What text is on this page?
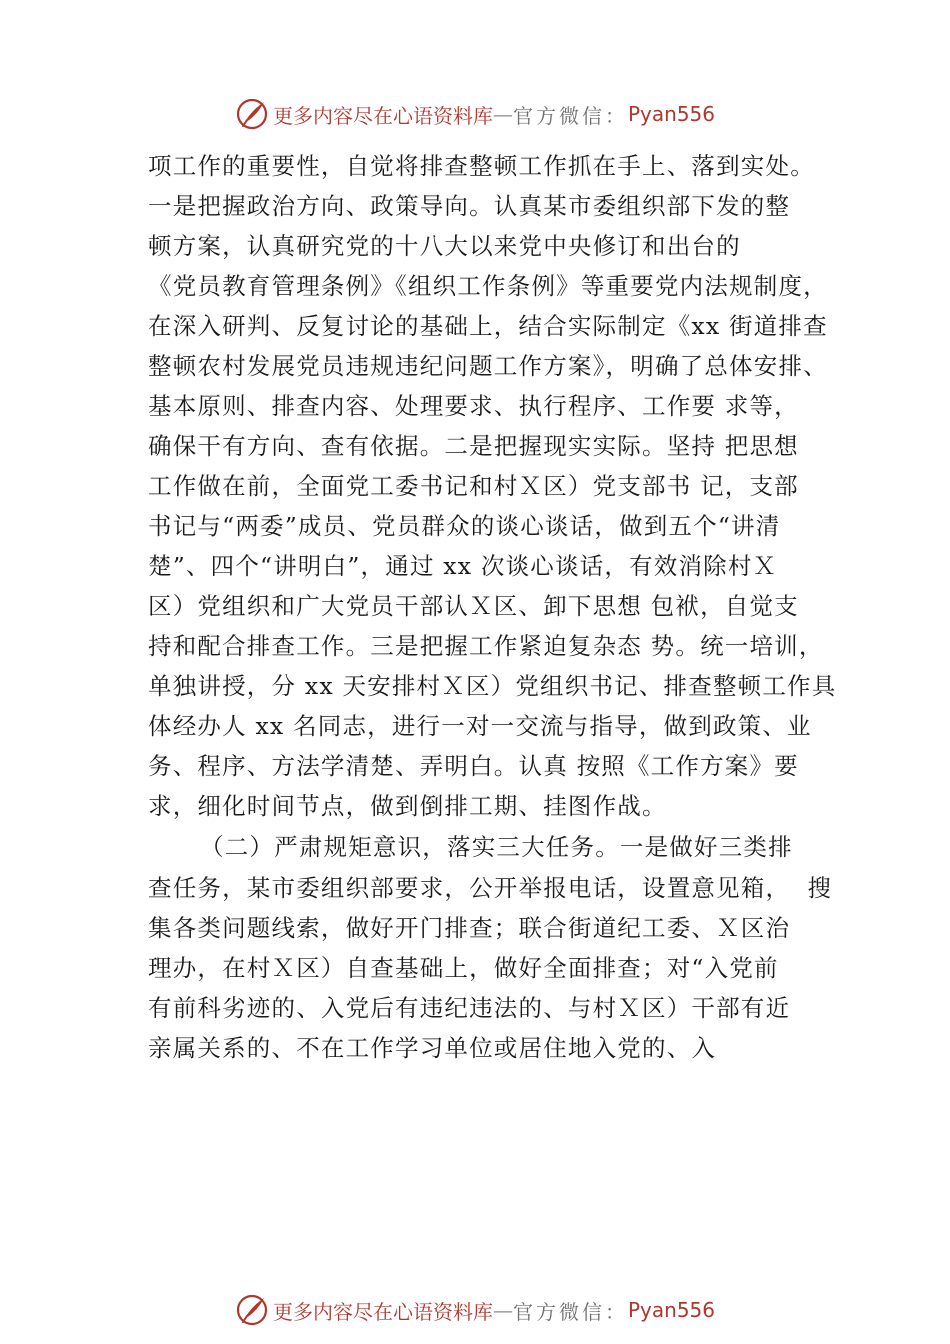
更多内容尽在心语资料库 — 官方微信： Pyan556
项工作的重要性，自觉将排查整顿工作抓在手上、落到实处。
一是把握政治方向、政策导向。认真某市委组织部下发的整
顿方案，认真研究党的十八大以来党中央修订和出台的
《党员教育管理条例》《组织工作条例》等重要党内法规制度，
在深入研判、反复讨论的基础上，结合实际制定《xx 街道排查
整顿农村发展党员违规违纪问题工作方案》，明确了总体安排、
基本原则、排查内容、处理要求、执行程序、工作要 求等，
确保干有方向、查有依据。二是把握现实实际。坚持 把思想
工作做在前，全面党工委书记和村Ｘ区）党支部书 记，支部
书记与“两委”成员、党员群众的谈心谈话，做到五个“讲清
楚”、四个“讲明白”，通过 xx 次谈心谈话，有效消除村Ｘ
区）党组织和广大党员干部认Ｘ区、卸下思想 包袱，自觉支
持和配合排查工作。三是把握工作紧迫复杂态 势。统一培训，
单独讲授，分 xx 天安排村Ｘ区）党组织书记、排查整顿工作具
体经办人 xx 名同志，进行一对一交流与指导，做到政策、业
务、程序、方法学清楚、弄明白。认真 按照《工作方案》要
求，细化时间节点，做到倒排工期、挂图作战。
（二）严肃规矩意识，落实三大任务。一是做好三类排
查任务，某市委组织部要求，公开举报电话，设置意见箱，  搜
集各类问题线索，做好开门排查；联合街道纪工委、Ｘ区治
理办，在村Ｘ区）自查基础上，做好全面排查；对“入党前
有前科劣迹的、入党后有违纪违法的、与村Ｘ区）干部有近
亲属关系的、不在工作学习单位或居住地入党的、入
更多内容尽在心语资料库 — 官方微信： Pyan556
